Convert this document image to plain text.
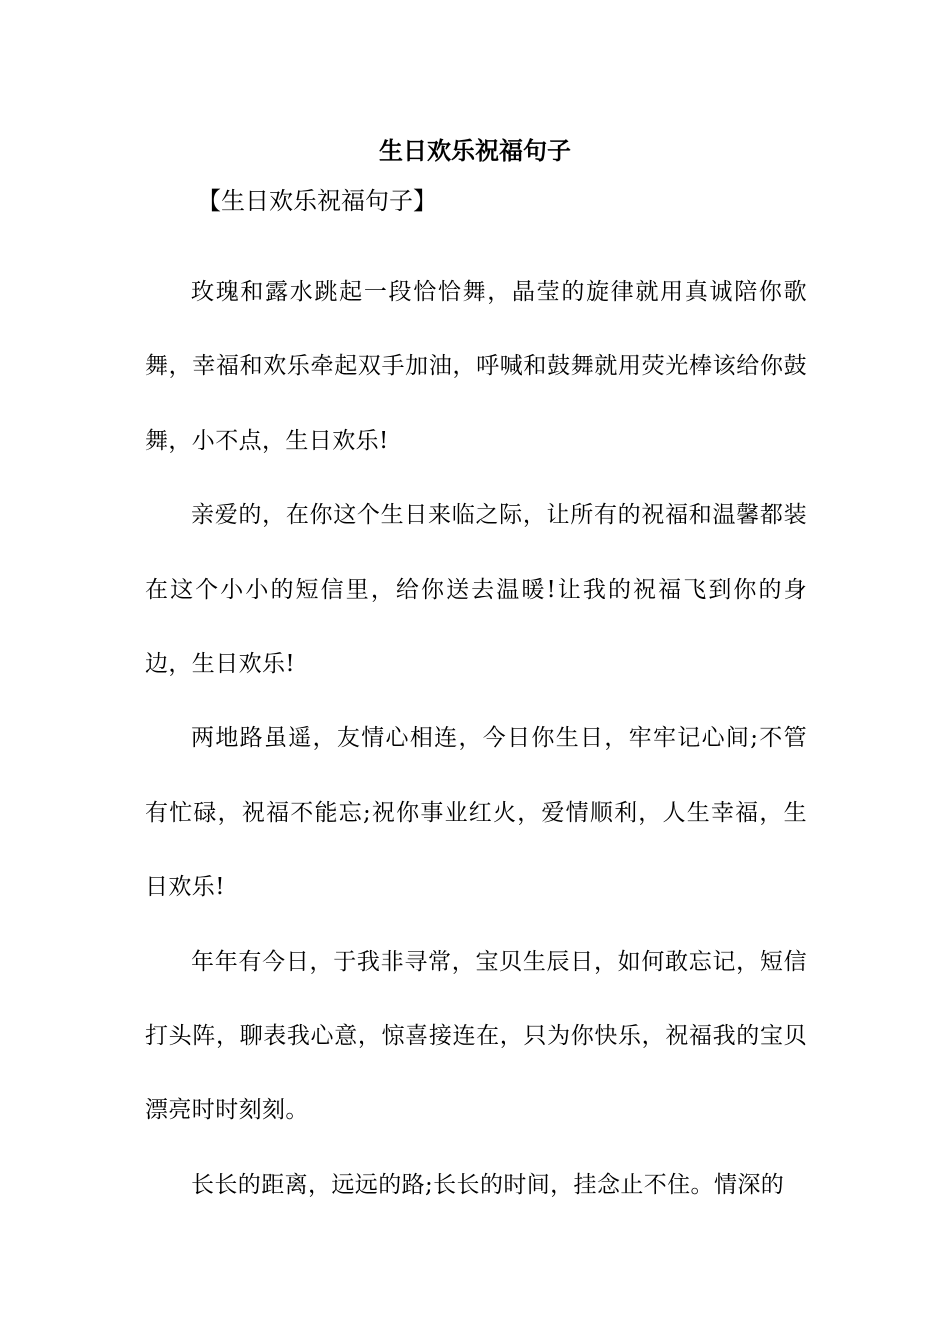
生日欢乐祝福句子

【生日欢乐祝福句子】

玫瑰和露水跳起一段恰恰舞，晶莹的旋律就用真诚陪你歌舞，幸福和欢乐牵起双手加油，呼喊和鼓舞就用荧光棒该给你鼓舞，小不点，生日欢乐!

亲爱的，在你这个生日来临之际，让所有的祝福和温馨都装在这个小小的短信里，给你送去温暖!让我的祝福飞到你的身边，生日欢乐!

两地路虽遥，友情心相连，今日你生日，牢牢记心间;不管有忙碌，祝福不能忘;祝你事业红火，爱情顺利，人生幸福，生日欢乐!

年年有今日，于我非寻常，宝贝生辰日，如何敢忘记，短信打头阵，聊表我心意，惊喜接连在，只为你快乐，祝福我的宝贝漂亮时时刻刻。

长长的距离，远远的路;长长的时间，挂念止不住。情深的
